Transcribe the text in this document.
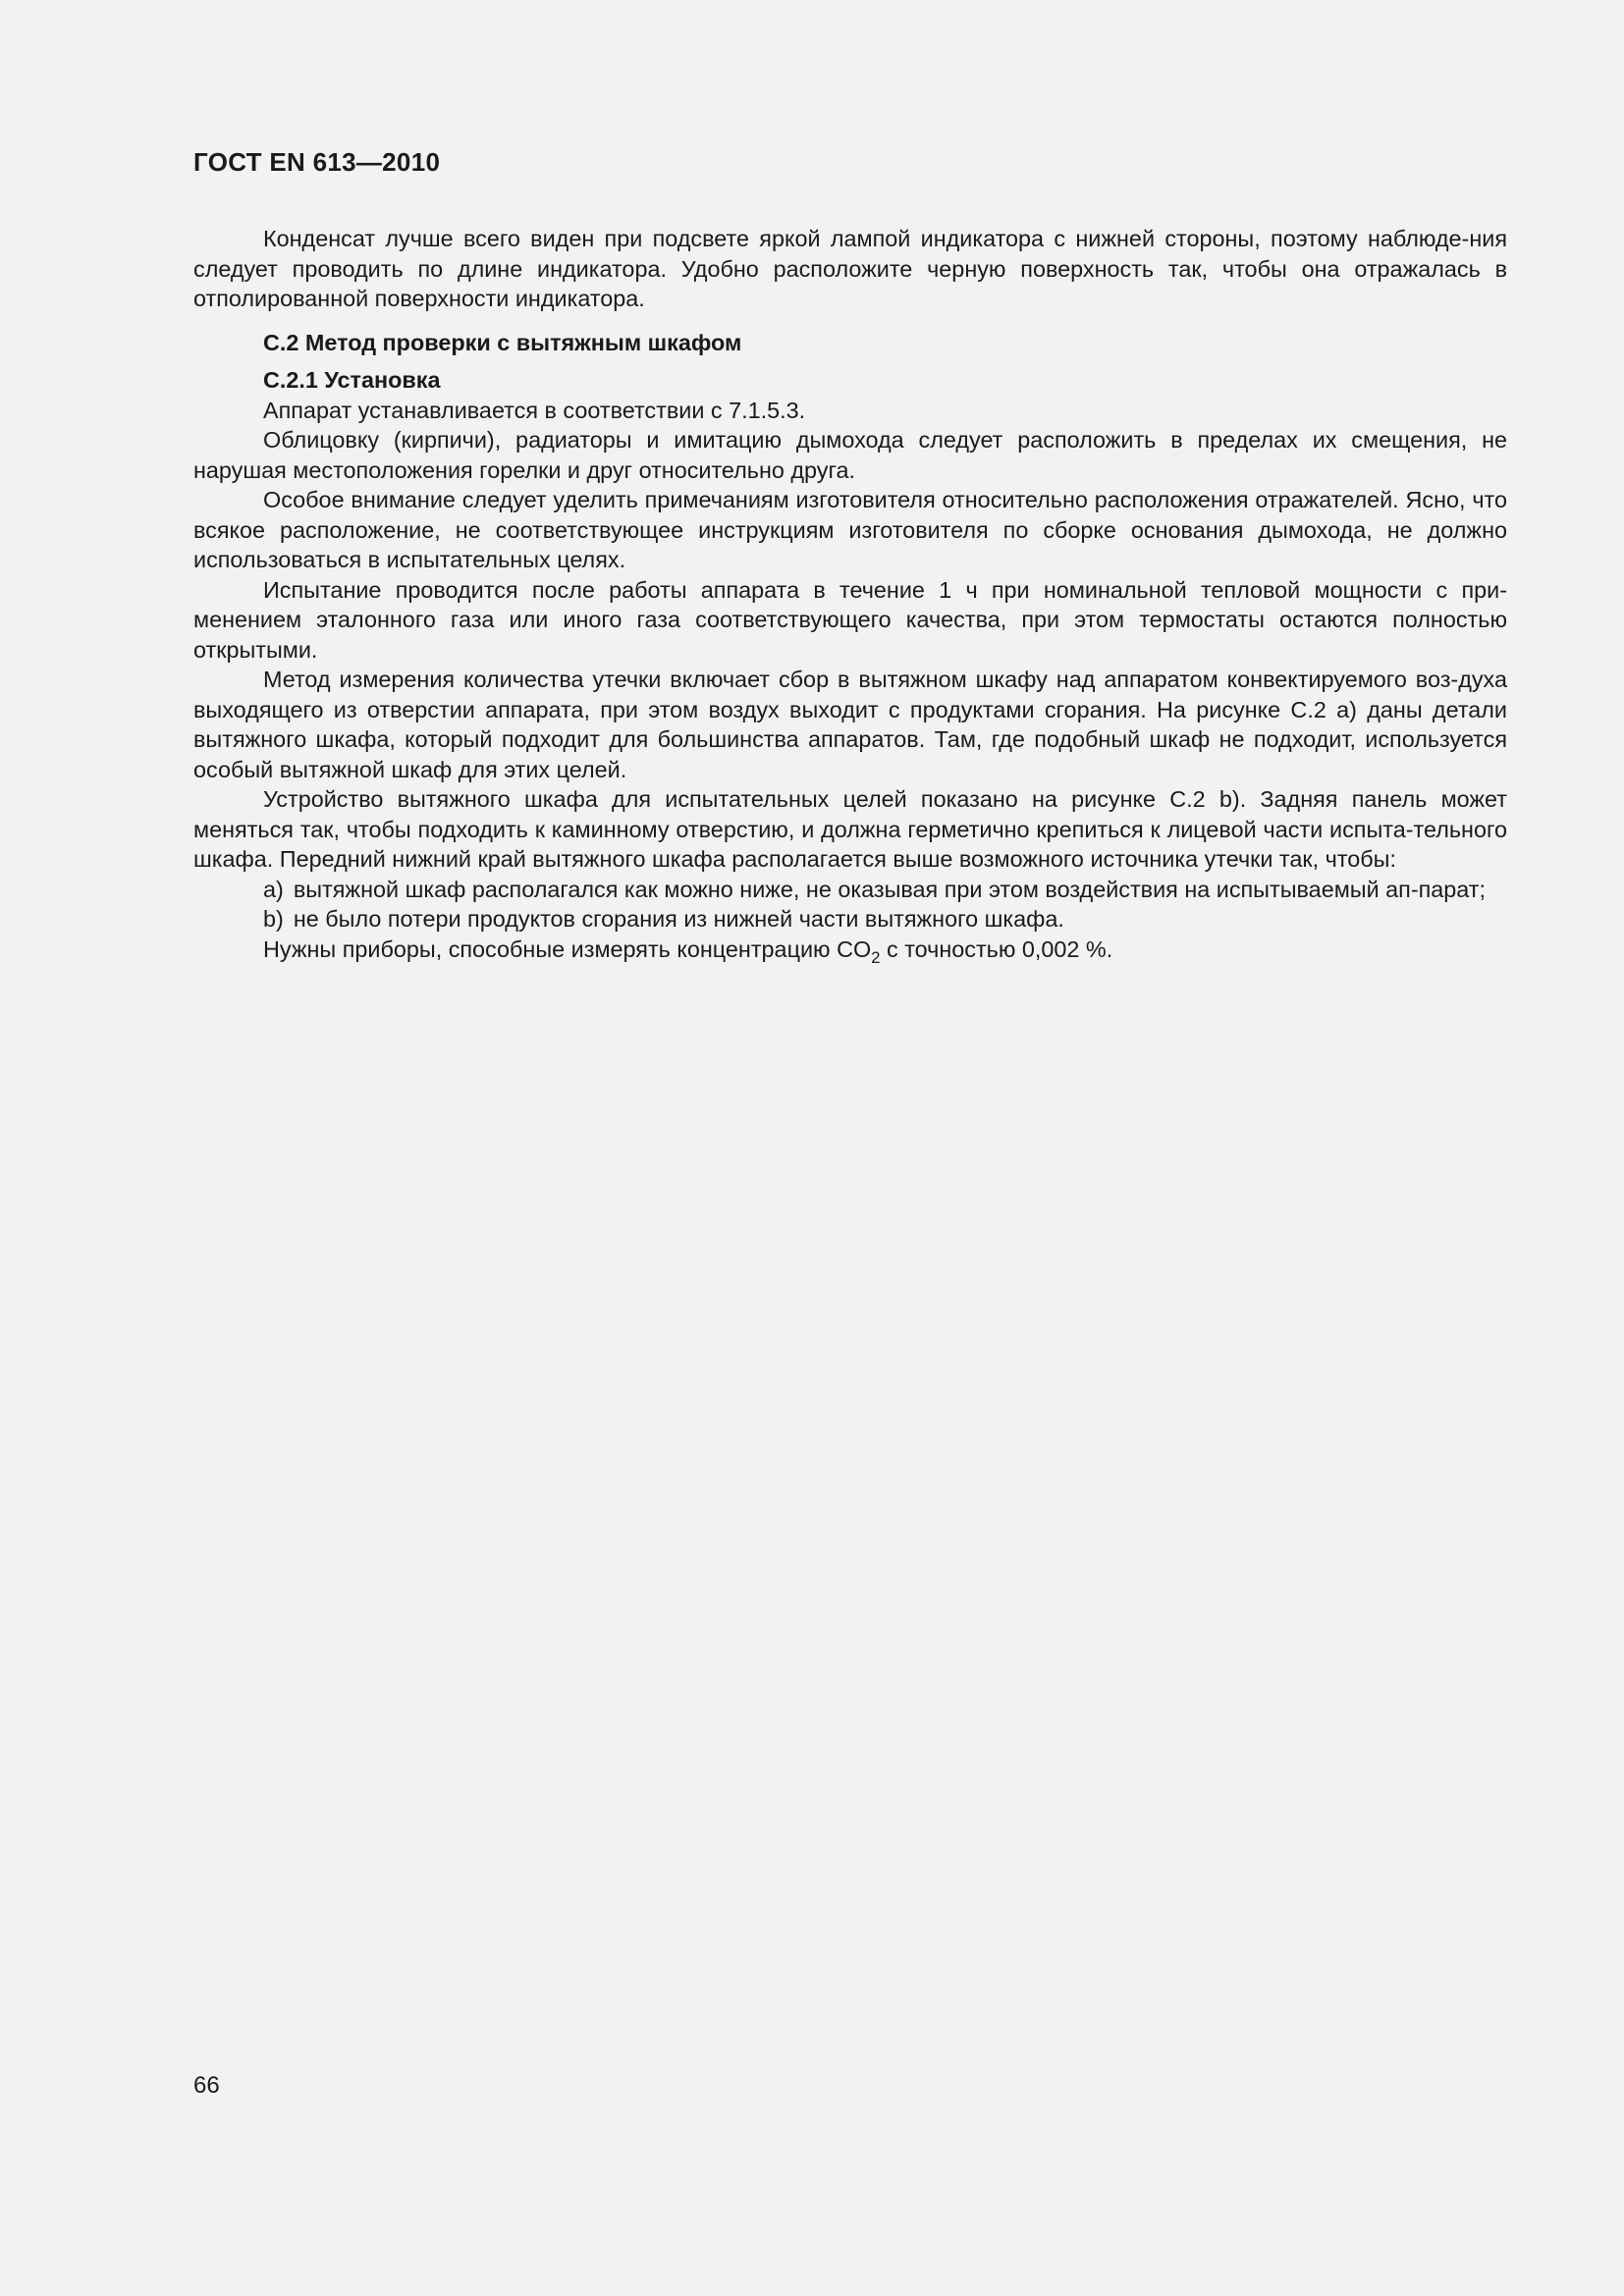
ГОСТ EN 613—2010

Конденсат лучше всего виден при подсвете яркой лампой индикатора с нижней стороны, поэтому наблюде-ния следует проводить по длине индикатора. Удобно расположите черную поверхность так, чтобы она отражалась в отполированной поверхности индикатора.

C.2 Метод проверки с вытяжным шкафом

C.2.1 Установка

Аппарат устанавливается в соответствии с 7.1.5.3.

Облицовку (кирпичи), радиаторы и имитацию дымохода следует расположить в пределах их смещения, не нарушая местоположения горелки и друг относительно друга.

Особое внимание следует уделить примечаниям изготовителя относительно расположения отражателей. Ясно, что всякое расположение, не соответствующее инструкциям изготовителя по сборке основания дымохода, не должно использоваться в испытательных целях.

Испытание проводится после работы аппарата в течение 1 ч при номинальной тепловой мощности с при-менением эталонного газа или иного газа соответствующего качества, при этом термостаты остаются полностью открытыми.

Метод измерения количества утечки включает сбор в вытяжном шкафу над аппаратом конвектируемого воз-духа выходящего из отверстии аппарата, при этом воздух выходит с продуктами сгорания. На рисунке C.2 a) даны детали вытяжного шкафа, который подходит для большинства аппаратов. Там, где подобный шкаф не подходит, используется особый вытяжной шкаф для этих целей.

Устройство вытяжного шкафа для испытательных целей показано на рисунке C.2 b). Задняя панель может меняться так, чтобы подходить к каминному отверстию, и должна герметично крепиться к лицевой части испыта-тельного шкафа. Передний нижний край вытяжного шкафа располагается выше возможного источника утечки так, чтобы:

a) вытяжной шкаф располагался как можно ниже, не оказывая при этом воздействия на испытываемый ап-парат;

b) не было потери продуктов сгорания из нижней части вытяжного шкафа.

Нужны приборы, способные измерять концентрацию $CO_2$ с точностью 0,002 %.

66
